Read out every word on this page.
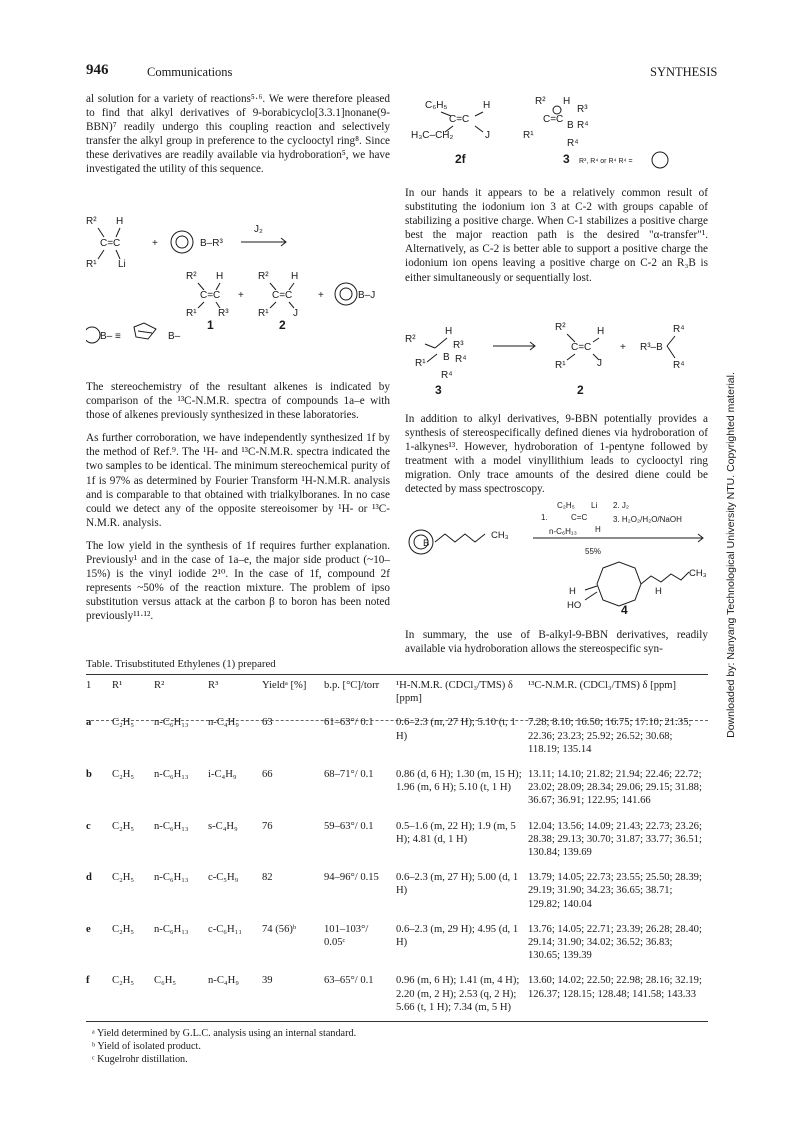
946	Communications	SYNTHESIS
Downloaded by: Nanyang Technological University NTU. Copyrighted material.

al solution for a variety of reactions⁵·⁶. We were therefore pleased to find that alkyl derivatives of 9-borabicyclo[3.3.1]nonane(9-BBN)⁷ readily undergo this coupling reaction and selectively transfer the alkyl group in preference to the cyclooctyl ring⁸. Since these derivatives are readily available via hydroboration⁵, we have investigated the utility of this sequence.

R² H
C=C
R¹ Li
+	B–R³
J₂
R² H
C=C
R¹ R³
+
R² H
C=C
R¹ J
+	B–J
1	2
B– ≡	B–

The stereochemistry of the resultant alkenes is indicated by comparison of the ¹³C-N.M.R. spectra of compounds 1a–e with those of alkenes previously synthesized in these laboratories.

As further corroboration, we have independently synthesized 1f by the method of Ref.⁹. The ¹H- and ¹³C-N.M.R. spectra indicated the two samples to be identical. The minimum stereochemical purity of 1f is 97% as determined by Fourier Transform ¹H-N.M.R. analysis and is comparable to that obtained with trialkylboranes. In no case could we detect any of the opposite stereoisomer by ¹H- or ¹³C-N.M.R. analysis.

The low yield in the synthesis of 1f requires further explanation. Previously¹ and in the case of 1a–e, the major side product (~10–15%) is the vinyl iodide 2¹⁰. In the case of 1f, compound 2f represents ~50% of the reaction mixture. The problem of ipso substitution versus attack at the carbon β to boron has been noted previously¹¹·¹².

C₆H₅	H
C=C
H₃C–CH₂	J
2f
R² H
R³
C=C
R¹
B R⁴
R⁴
3 R³, R⁴ or R⁴ R⁴ =

In our hands it appears to be a relatively common result of substituting the iodonium ion 3 at C-2 with groups capable of stabilizing a positive charge. When C-1 stabilizes a positive charge best the major reaction path is the desired "α-transfer"¹. Alternatively, as C-2 is better able to support a positive charge the iodonium ion opens leaving a positive charge on C-2 an R₃B is either simultaneously or sequentially lost.

R²
H
R³
R¹
B R⁴
R⁴
3
R²	H
C=C
R¹	J
2
+ R³–B
R⁴
R⁴

In addition to alkyl derivatives, 9-BBN potentially provides a synthesis of stereospecifically defined dienes via hydroboration of 1-alkynes¹³. However, hydroboration of 1-pentyne followed by treatment with a model vinyllithium leads to cyclooctyl ring migration. Only trace amounts of the desired diene could be detected by mass spectroscopy.

B
CH₃
C₂H₅ Li 2. J₂
1.	C=C
n-C₆H₁₃ H
3. H₂O₂/H₂O/NaOH
55%
CH₃
H
H
HO	4

In summary, the use of B-alkyl-9-BBN derivatives, readily available via hydroboration allows the stereospecific syn-

Table. Trisubstituted Ethylenes (1) prepared
1	R¹	R²	R³	Yieldᵃ [%]	b.p. [°C]/torr	¹H-N.M.R. (CDCl₃/TMS) δ [ppm]	¹³C-N.M.R. (CDCl₃/TMS) δ [ppm]
a	C₂H₅	n-C₆H₁₃	n-C₄H₉	63	61–63°/ 0.1	0.6–2.3 (m, 27 H); 5.10 (t, 1 H)	7.28; 8.10; 16.50; 16.75; 17.10; 21.35; 22.36; 23.23; 25.92; 26.52; 30.68; 118.19; 135.14
b	C₂H₅	n-C₆H₁₃	i-C₄H₉	66	68–71°/ 0.1	0.86 (d, 6 H); 1.30 (m, 15 H); 1.96 (m, 6 H); 5.10 (t, 1 H)	13.11; 14.10; 21.82; 21.94; 22.46; 22.72; 23.02; 28.09; 28.34; 29.06; 29.15; 31.88; 36.67; 36.91; 122.95; 141.66
c	C₂H₅	n-C₆H₁₃	s-C₄H₉	76	59–63°/ 0.1	0.5–1.6 (m, 22 H); 1.9 (m, 5 H); 4.81 (d, 1 H)	12.04; 13.56; 14.09; 21.43; 22.73; 23.26; 28.38; 29.13; 30.70; 31.87; 33.77; 36.51; 130.84; 139.69
d	C₂H₅	n-C₆H₁₃	c-C₅H₉	82	94–96°/ 0.15	0.6–2.3 (m, 27 H); 5.00 (d, 1 H)	13.79; 14.05; 22.73; 23.55; 25.50; 28.39; 29.19; 31.90; 34.23; 36.65; 38.71; 129.82; 140.04
e	C₂H₅	n-C₆H₁₃	c-C₆H₁₁	74 (56)ᵇ	101–103°/ 0.05ᶜ	0.6–2.3 (m, 29 H); 4.95 (d, 1 H)	13.76; 14.05; 22.71; 23.39; 26.28; 28.40; 29.14; 31.90; 34.02; 36.52; 36.83; 130.65; 139.39
f	C₂H₅	C₆H₅	n-C₄H₉	39	63–65°/ 0.1	0.96 (m, 6 H); 1.41 (m, 4 H); 2.20 (m, 2 H); 2.53 (q, 2 H); 5.66 (t, 1 H); 7.34 (m, 5 H)	13.60; 14.02; 22.50; 22.98; 28.16; 32.19; 126.37; 128.15; 128.48; 141.58; 143.33
ᵃ Yield determined by G.L.C. analysis using an internal standard.
ᵇ Yield of isolated product.
ᶜ Kugelrohr distillation.
